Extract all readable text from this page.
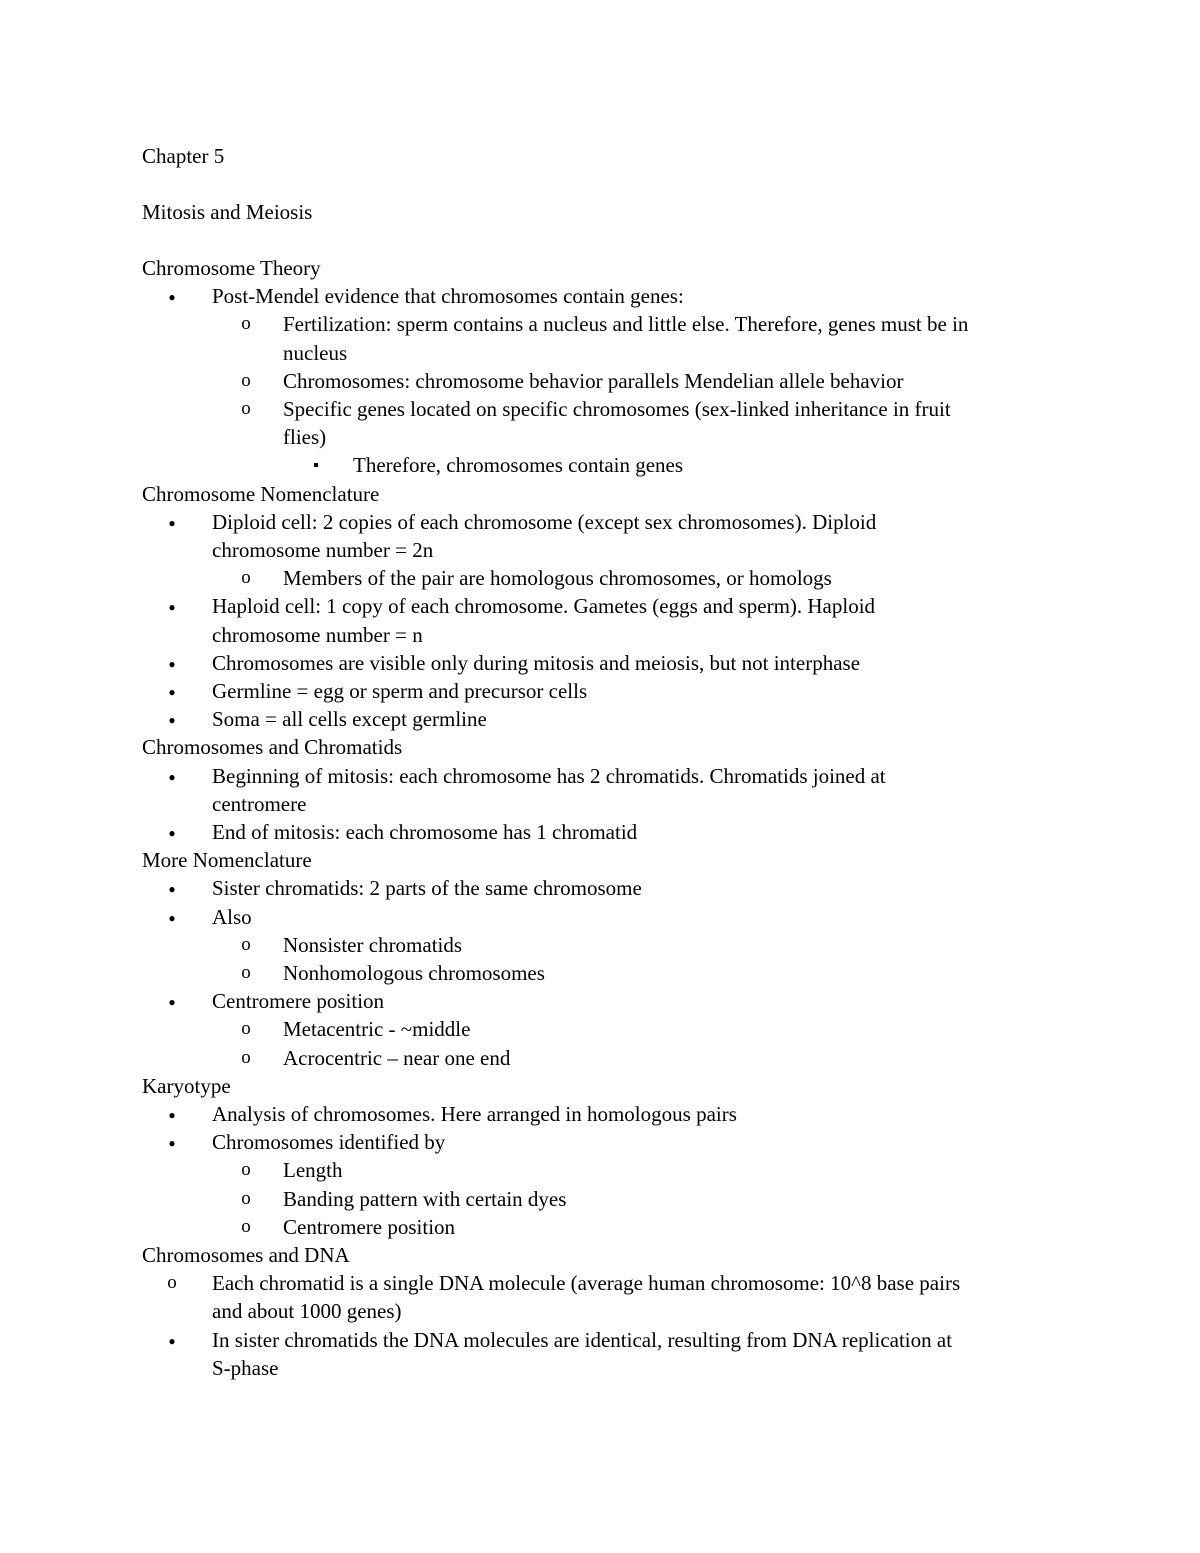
Chapter 5
Mitosis and Meiosis
Chromosome Theory
●
Post-Mendel evidence that chromosomes contain genes:
o Fertilization: sperm contains a nucleus and little else. Therefore, genes must be in
nucleus
o Chromosomes: chromosome behavior parallels Mendelian allele behavior
o Specific genes located on specific chromosomes (sex-linked inheritance in fruit
flies)
▪
Therefore, chromosomes contain genes
Chromosome Nomenclature
●
Diploid cell: 2 copies of each chromosome (except sex chromosomes). Diploid
chromosome number = 2n
o Members of the pair are homologous chromosomes, or homologs
●
Haploid cell: 1 copy of each chromosome. Gametes (eggs and sperm). Haploid
chromosome number = n
●
Chromosomes are visible only during mitosis and meiosis, but not interphase
●
Germline = egg or sperm and precursor cells
●
Soma = all cells except germline
Chromosomes and Chromatids
●
Beginning of mitosis: each chromosome has 2 chromatids. Chromatids joined at
centromere
●
End of mitosis: each chromosome has 1 chromatid
More Nomenclature
●
Sister chromatids: 2 parts of the same chromosome
●
Also
o Nonsister chromatids
o Nonhomologous chromosomes
●
Centromere position
o Metacentric - ~middle
o Acrocentric – near one end
Karyotype
●
Analysis of chromosomes. Here arranged in homologous pairs
●
Chromosomes identified by
o Length
o Banding pattern with certain dyes
o Centromere position
Chromosomes and DNA
o Each chromatid is a single DNA molecule (average human chromosome: 10^8 base pairs
and about 1000 genes)
●
In sister chromatids the DNA molecules are identical, resulting from DNA replication at
S-phase
